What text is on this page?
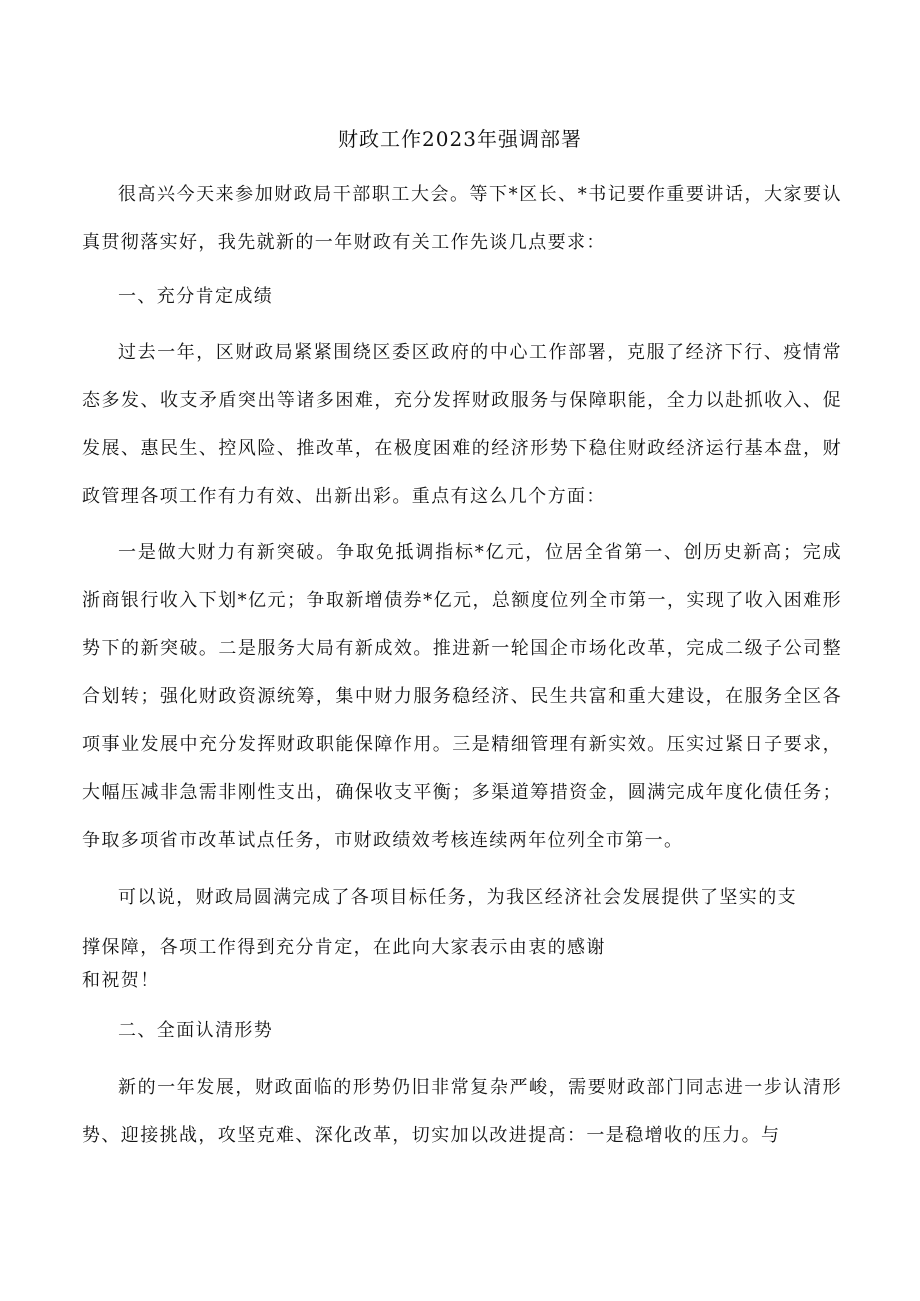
财政工作2023年强调部署

很高兴今天来参加财政局干部职工大会。等下*区长、*书记要作重要讲话，大家要认真贯彻落实好，我先就新的一年财政有关工作先谈几点要求：

一、充分肯定成绩

过去一年，区财政局紧紧围绕区委区政府的中心工作部署，克服了经济下行、疫情常态多发、收支矛盾突出等诸多困难，充分发挥财政服务与保障职能，全力以赴抓收入、促发展、惠民生、控风险、推改革，在极度困难的经济形势下稳住财政经济运行基本盘，财政管理各项工作有力有效、出新出彩。重点有这么几个方面：

一是做大财力有新突破。争取免抵调指标*亿元，位居全省第一、创历史新高；完成浙商银行收入下划*亿元；争取新增债券*亿元，总额度位列全市第一，实现了收入困难形势下的新突破。二是服务大局有新成效。推进新一轮国企市场化改革，完成二级子公司整合划转；强化财政资源统筹，集中财力服务稳经济、民生共富和重大建设，在服务全区各项事业发展中充分发挥财政职能保障作用。三是精细管理有新实效。压实过紧日子要求，大幅压减非急需非刚性支出，确保收支平衡；多渠道筹措资金，圆满完成年度化债任务；争取多项省市改革试点任务，市财政绩效考核连续两年位列全市第一。

可以说，财政局圆满完成了各项目标任务，为我区经济社会发展提供了坚实的支

撑保障，各项工作得到充分肯定，在此向大家表示由衷的感谢

和祝贺！

二、全面认清形势

新的一年发展，财政面临的形势仍旧非常复杂严峻，需要财政部门同志进一步认清形势、迎接挑战，攻坚克难、深化改革，切实加以改进提高：一是稳增收的压力。与
